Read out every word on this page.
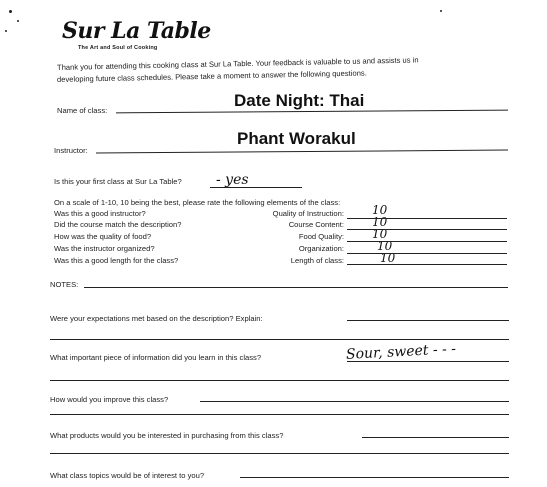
Sur La Table
The Art and Soul of Cooking
Thank you for attending this cooking class at Sur La Table. Your feedback is valuable to us and assists us in
developing future class schedules. Please take a moment to answer the following questions.
Name of class:
Date Night: Thai
Instructor:
Phant Worakul
Is this your first class at Sur La Table? - yes
On a scale of 1-10, 10 being the best, please rate the following elements of the class:
Was this a good instructor?
Did the course match the description?
How was the quality of food?
Was the instructor organized?
Was this a good length for the class?
Quality of Instruction:
Course Content:
Food Quality:
Organization:
Length of class:
10
10
10
10
10
NOTES:
Were your expectations met based on the description? Explain:
What important piece of information did you learn in this class?	Sour, sweet - - -
How would you improve this class?
What products would you be interested in purchasing from this class?
What class topics would be of interest to you?
